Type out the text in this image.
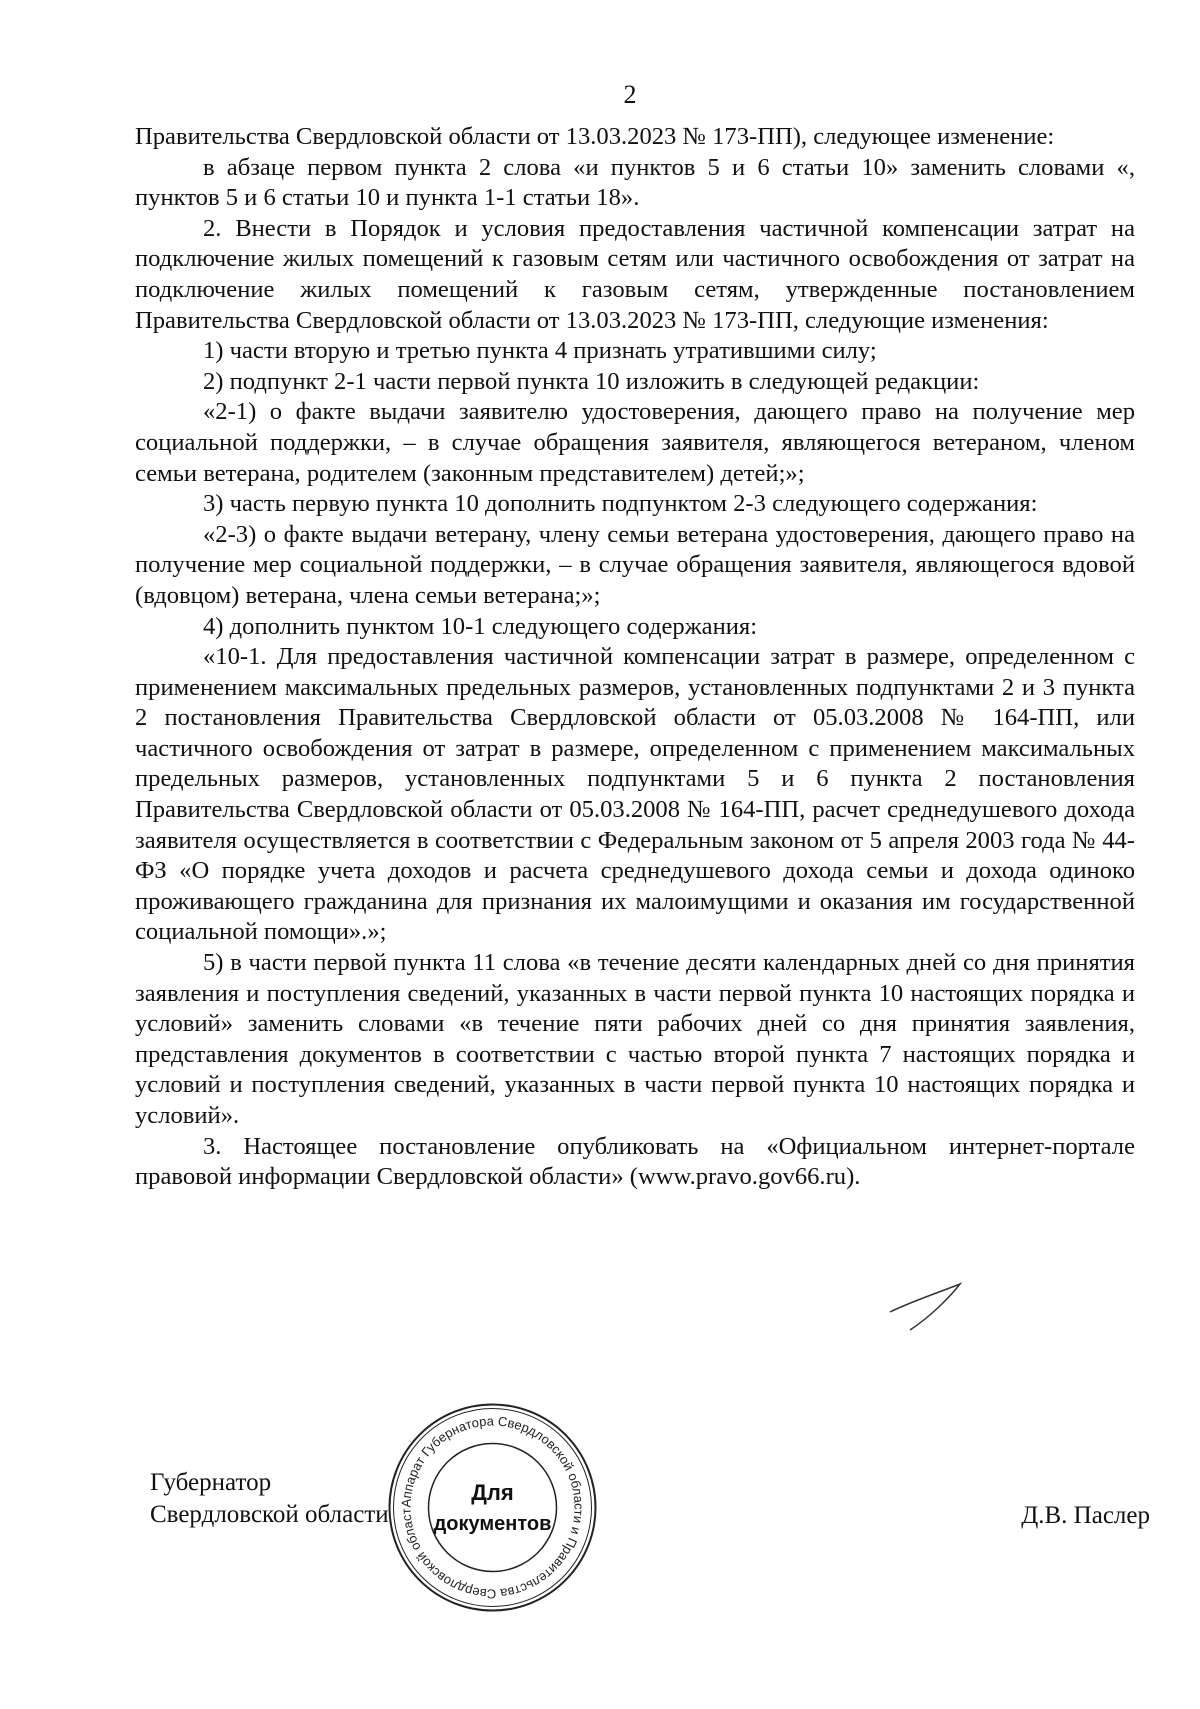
2

Правительства Свердловской области от 13.03.2023 № 173-ПП), следующее изменение:

в абзаце первом пункта 2 слова «и пунктов 5 и 6 статьи 10» заменить словами «, пунктов 5 и 6 статьи 10 и пункта 1-1 статьи 18».

2. Внести в Порядок и условия предоставления частичной компенсации затрат на подключение жилых помещений к газовым сетям или частичного освобождения от затрат на подключение жилых помещений к газовым сетям, утвержденные постановлением Правительства Свердловской области от 13.03.2023 № 173-ПП, следующие изменения:

1) части вторую и третью пункта 4 признать утратившими силу;

2) подпункт 2-1 части первой пункта 10 изложить в следующей редакции:

«2-1) о факте выдачи заявителю удостоверения, дающего право на получение мер социальной поддержки, – в случае обращения заявителя, являющегося ветераном, членом семьи ветерана, родителем (законным представителем) детей;»;

3) часть первую пункта 10 дополнить подпунктом 2-3 следующего содержания:

«2-3) о факте выдачи ветерану, члену семьи ветерана удостоверения, дающего право на получение мер социальной поддержки, – в случае обращения заявителя, являющегося вдовой (вдовцом) ветерана, члена семьи ветерана;»;

4) дополнить пунктом 10-1 следующего содержания:

«10-1. Для предоставления частичной компенсации затрат в размере, определенном с применением максимальных предельных размеров, установленных подпунктами 2 и 3 пункта 2 постановления Правительства Свердловской области от 05.03.2008 № 164-ПП, или частичного освобождения от затрат в размере, определенном с применением максимальных предельных размеров, установленных подпунктами 5 и 6 пункта 2 постановления Правительства Свердловской области от 05.03.2008 № 164-ПП, расчет среднедушевого дохода заявителя осуществляется в соответствии с Федеральным законом от 5 апреля 2003 года № 44-ФЗ «О порядке учета доходов и расчета среднедушевого дохода семьи и дохода одиноко проживающего гражданина для признания их малоимущими и оказания им государственной социальной помощи».»;

5) в части первой пункта 11 слова «в течение десяти календарных дней со дня принятия заявления и поступления сведений, указанных в части первой пункта 10 настоящих порядка и условий» заменить словами «в течение пяти рабочих дней со дня принятия заявления, представления документов в соответствии с частью второй пункта 7 настоящих порядка и условий и поступления сведений, указанных в части первой пункта 10 настоящих порядка и условий».

3. Настоящее постановление опубликовать на «Официальном интернет-портале правовой информации Свердловской области» (www.pravo.gov66.ru).

Губернатор
Свердловской области	Д.В. Паслер
Аппарат Губернатора Свердловской области и Правительства Свердловской област
Для
документов
